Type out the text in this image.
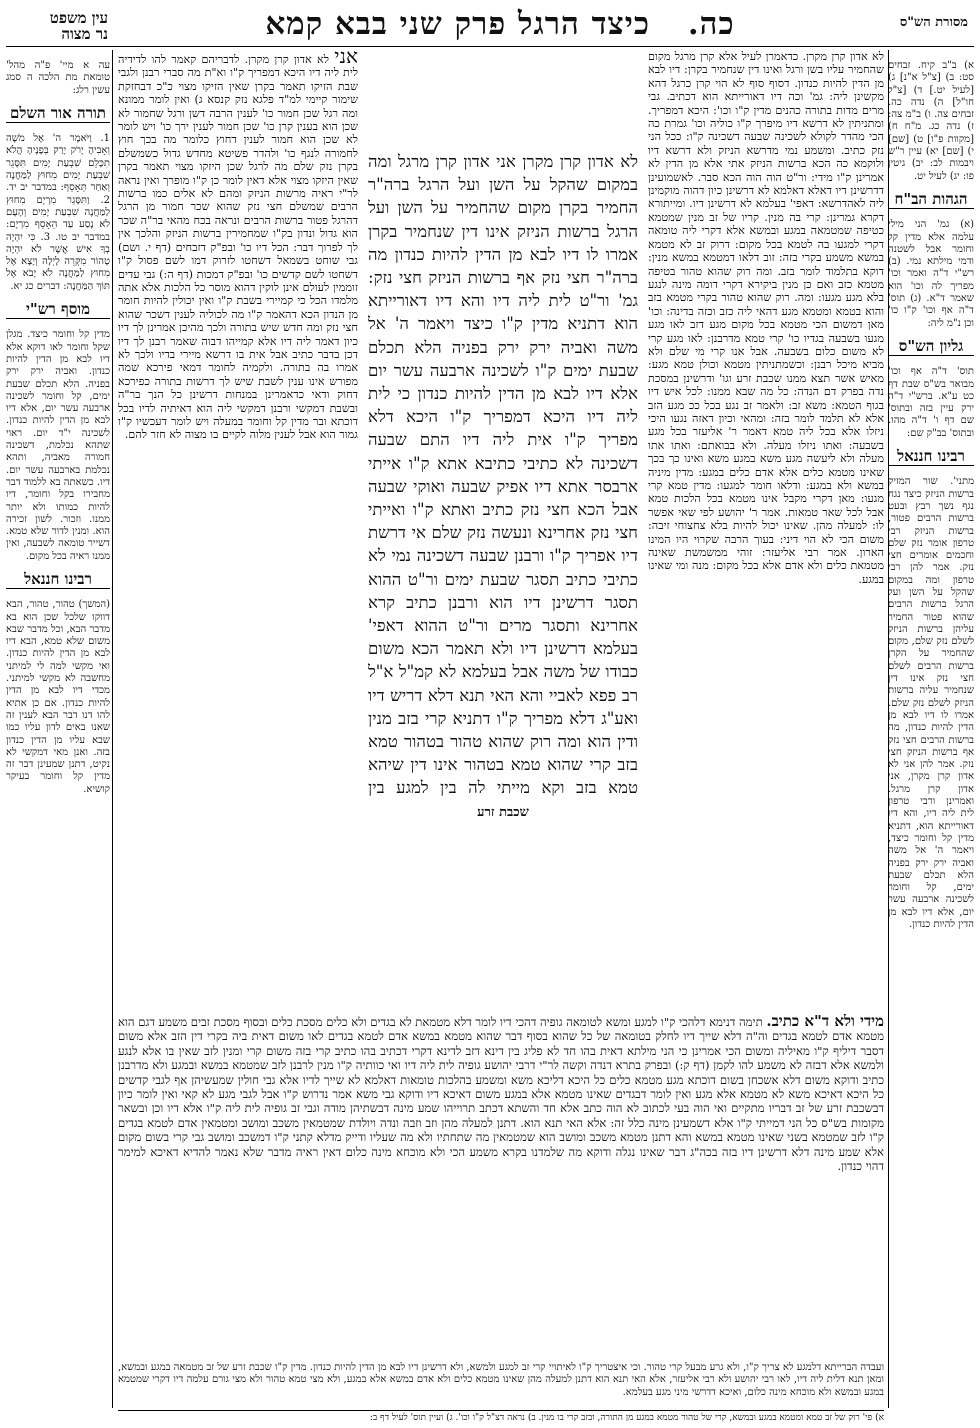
עין משפט
נר מצוה	כה. כיצד הרגל פרק שני בבא קמא	מסורת הש"ס

עה א מיי' פ"ה מהל' טומאת מת הלכה ה סמג עשין רלג:

תורה אור השלם

1. וַיֹּאמֶר ה' אֶל מֹשֶׁה וְאָבִיהָ יָרֹק יָרַק בְּפָנֶיהָ הֲלֹא תִכָּלֵם שִׁבְעַת יָמִים תִּסָּגֵר שִׁבְעַת יָמִים מִחוּץ לַמַּחֲנֶה וְאַחַר תֵּאָסֵף: במדבר יב יד. 2. וַתִּסָּגֵר מִרְיָם מִחוּץ לַמַּחֲנֶה שִׁבְעַת יָמִים וְהָעָם לֹא נָסַע עַד הֵאָסֵף מִרְיָם: במדבר יב טו. 3. כִּי יִהְיֶה בְךָ אִישׁ אֲשֶׁר לֹא יִהְיֶה טָהוֹר מִקְּרֵה לָיְלָה וְיָצָא אֶל מִחוּץ לַמַּחֲנֶה לֹא יָבֹא אֶל תּוֹךְ הַמַּחֲנֶה: דברים כג יא.

מוסף רש"י

מדין קל וחומר כיצד. מגלן שקל וחומר לאו דוקא אלא דיו לבא מן הדין להיות כנדון. ואביה ירק ירק בפניה. הלא תכלם שבעת ימים, קל וחומר לשכינה ארבעה עשר יום, אלא דיו לבא מן הדין להיות כנדון. לשכינה י"ד יום. ראוי שתהא נכלמת, דשכינה חמורה מאביה, ותהא נכלמת בארבעה עשר יום. דיו. כשאתה בא ללמוד דבר מחבירו בקל וחומר, דיו להיות כמותו ולא יותר ממנו. וזכור. לשון זכירה הוא. ומנין לדור שלא טמא. דשייר טומאה לשבעה, ואין ממנו ראיה בכל מקום.

רבינו חננאל

(המשך) טהור, טהור, הבא דווקו שלכל שכן הוא בא מדבר הבא, וכל מדבר שבא משום שלא טמא, הבא דיו לבא מן הדין להיות כנדון. ואי מקשי למה לי למיתני מחשבה לא מקשי למיתני. מכדי דיו לבא מן הדין להיות כנדון. אם כן אתיא להו דנו דבר הבא לענין זה שאנו באים לדון עליו כמו שבא עליו מן הדין כנדון בזה. ואנן מאי דמקשי לא נקיט, דתנן שמעינן דבר זה מדין קל וחומר בעיקר קושיא.

א) ב"ב קיח. זבחים סט: ב) [צ"ל א"נ] ג) [לעיל יט.] ד) [צ"ל חו"ל] ה) נדה כה. זבחים צה. ו) ב"מ צה: ז) נדה כג. מ"ח ח) [מקוות פ"ו] ט) [שם] י) [שם] יא) עיין ר"ש ויבמות לב: יב) גיטין פו: יג) לעיל יט.

הגהות הב"ח

(א) גמ' הני מילי עלמה אלא מדין קל וחומר אבל לשטנה ודמי מילתא נמי. (ב) רש"י ד"ה ואמר וכו' מפריך לה וכו' הוא שאמר ד"א. (ג) תוס' ד"ה אף וכו' ק"ו כו' וכן נ"מ ליה:

גליון הש"ס

תוס' ד"ה אף וכו' מבואר בש"ס שבת דף כט ע"א. ברש"י ד"ה ירק עיין בזה ובתוס' שם דף ו' ד"ה מהו. ובתוס' בב"ק שם:

רבינו חננאל

מתני'. שור המזיק ברשות הניזק כיצד נגח נגף נשך רבץ ובעט ברשות הרבים פטור, ברשות הניזק רבי טרפון אומר נזק שלם וחכמים אומרים חצי נזק. אמר להן רבי טרפון ומה במקום שהקל על השן ועל הרגל ברשות הרבים שהוא פטור החמיר עליהן ברשות הניזק לשלם נזק שלם, מקום שהחמיר על הקרן ברשות הרבים לשלם חצי נזק אינו דין שנחמיר עליה ברשות הניזק לשלם נזק שלם. אמרו לו דיו לבא מן הדין להיות כנדון, מה ברשות הרבים חצי נזק אף ברשות הניזק חצי נזק. אמר להן אני לא אדון קרן מקרן, אני אדון קרן מרגל. ואמרינן ורבי טרפון לית ליה דיו, והא דיו דאורייתא הוא, דתניא מדין קל וחומר כיצד, ויאמר ה' אל משה ואביה ירק ירק בפניה הלא תכלם שבעת ימים, קל וחומר לשכינה ארבעה עשר יום, אלא דיו לבא מן הדין להיות כנדון.

אני לא אדון קרן מקרן. לדבריהם קאמר להו לדידיה לית ליה דיו היכא דמפריך ק"ו וא"ת מה סברי רבנן ולגבי שבת הזיקו תאמר בקרן שאין הזיקו מצוי כ"כ דבחזקת שימור קיימי למ"ד פלגא נזק קנסא ג) ואין לומר ממונא ומה רגל שכן חמור כו' לענין הרבה דשן ורגל שחמור לא שכן הוא בענין קרן כו' שכן חמור לענין ירך כו' ויש לומר לא שכן הוא חמור לענין דחוץ כלומר מה בכך חוץ לחמורה לנגף כו' ולהדר פשיטא מחדש גדול כשמשלם בקרן נזק שלם מה לרגל שכן היזקו מצוי תאמר בקרן שאין היזקו מצוי אלא דאין לומר כן ק"ו מופרך ואין נראה לר"י ראיה מרשות הניזק ומהם לא אלים כמו ברשות הרבים שמשלם חצי נזק שהוא שכר חמור מן הרגל דהרגל פטור ברשות הרבים ונראה בכח מהאי בר"ה שכר הוא גדול ונדון בק"ו שמחמירין ברשות הניזק והלכך אין לך לפרוך דבר: הכל דיו כו' ובפ"ק דזבחים (דף י. ושם) גבי שוחט בשמאל דשחטו לזרוק דמו לשם פסול ק"ו דשחטו לשם קדשים כו' ובפ"ק דמכות (דף ה:) גבי עדים זוממין לעולם אינן לוקין דהוא מוסר כל הלכות אלא אתה מלמדו הכל כי קמיירי בשבת ק"ו ואין יכולין להיות חומר מן הנדון הכא דהאמר ק"ו מה לכוליה לענין דשכר שהוא חצי נזק ומה חדש שיש בתורה ולכך מהיכן אמרינן לך דיו כיון דאמר ליה דיו אלא קמייהו דבוה שאמר רבנן לך דיו דכן בדבר כתיב אבל אית בו דרשא מיירי בדיו ולכך לא אמרו בה בתורה. ולקמיה לחומר דמאי פירכא שמה מפורש אינו ענין לשבת שיש לך דרשות בתורה כפירכא דחוק ודאי כדאמרינן במנחות דרשינן כל הנך בר"ה ובשבת דמקשי ורבנן דמקשי ליה הוא דאיתיה לדיו בכל דוכתא ובר מדין קל וחומר במעלה ויש לומר דעכשיו ק"ו גמור הוא אבל לענין מלוה לקיים בו מצוה לא חזר להם.
לא אדון קרן מקרן. כדאמרן לעיל אלא קרן מרגל מקום שהחמיר עליו בשן ורגל ואינו דין שנחמיר בקרן: דיו לבא מן הדין להיות כנדון. דסוף סוף לא הוי קרן כרגל דהא מקשינן ליה: גמ' וכה דיו דאורייתא הוא דכתיב. גבי מרים מדות בתורה כהנים מדין ק"ו וכו': היכא דמפריך. ומתניתין לא דרשא דיו מיפרך ק"ו כוליה וכו' גמרת כה הכי מהדר לקולא לשכינה שבעה דשכינה ק"ו: ככל הני נזק כתיב. ומשמע נמי מדרשא הניזק ולא דרשא דיו ולוקמא כה הכא ברשות הניזק אתי אלא מן הדין לא אמרינן ק"ו מידי: ור"ט הוה הוה הכא סבר. לאשמועינן דדרשינן דיו דאלא דאלמא לא דרשינן כיון דהוה מוקמינן ליה לאהדרשא: דאפי' בעלמא לא דרשינן דיו. ומייתורא דקרא גמרינן: קרי בה מנין. קריו של זב מנין שמטמא כטיפה שמטמאה במגע ובמשא אלא דקרי ליה טומאה דקרי למגעו בה לטמא בכל מקום: דרוק זב לא מטמא במשא משמע בקרי בזה: זוב דלאו דמטמא במשא מנין: דוקא בתלמוד לומר בזב. ומה רוק שהוא טהור בטיפה מטמא כזב ואם כן מנין ביקירא דקרי דומה מינה לנגע בלא מגע מגעו: ומה. רוק שהוא טהור בקרי מטמא בזב והוא בטמא ומטמא מגע דהאי ליה כזב וכזה בדינה: וכו' מאן דמשום הכי מטמא בכל מקום מגע דזב לאו מגע מגעו בשבעה בגדיו כו' קרי טמא מדרבנן: לאו מגע קרי לא משום כלום בשבעה. אבל אנו קרי מי שלם ולא מביא מיכל רבנן: וכשמתניתין מטמא וכולן טמא מגע: מאיש אשר תצא ממנו שכבת זרע וגו' ודרשינן במסכת נדה בפרק דם הנדה: כל מה שבא ממנו: לכל איש דיו בגוף הטמא: משא זב: ולאמר זב נגע בכל ככ מגע הזב אלא לא תלמד לומר בזה: ומהאי וכיון דאזה נגעו היכי ניזלו אלא בכל ליה טמא דאמר ר' אליעזר בכל מגע בשבעה: ואתו ניזלו מעלה. ולא בבואתם: ואתו אתו מעלה ולא ליעשה מגע משא במגע משא ואינו כך בכך שאינו מטמא כלים אלא אדם כלים במגע: מדין מיניה במשא ולא במגע: ודלאו חומר למגעו: מדין טמא קרי מגעו: מאן דקרי מקבל אינו מטמא בכל הלכות טמא אבל לכל שאר טמאות. אמר ר' יהושע לפי שאי אפשר לו: למעלה מהן. שאינו יכול להיות בלא צחצוחי זיבה: משום הכי לא הוי דיני: בעוך הרבה שקרוי היו המינו הארון. אמר רבי אליעזר: זוהי ממשמשת שאינה מטמאת כלים ולא אדם אלא בכל מקום: מנה ומי שאינו במגע.

לא אדון קרן מקרן אני אדון קרן מרגל ומה במקום שהקל על השן ועל הרגל ברה"ר החמיר בקרן מקום שהחמיר על השן ועל הרגל ברשות הניזק אינו דין שנחמיר בקרן אמרו לו דיו לבא מן הדין להיות כנדון מה ברה"ר חצי נזק אף ברשות הניזק חצי נזק: גמ' ור"ט לית ליה דיו והא דיו דאורייתא הוא דתניא מדין ק"ו כיצד ויאמר ה' אל משה ואביה ירק ירק בפניה הלא תכלם שבעת ימים ק"ו לשכינה ארבעה עשר יום אלא דיו לבא מן הדין להיות כנדון כי לית ליה דיו היכא דמפריך ק"ו היכא דלא מפריך ק"ו אית ליה דיו התם שבעה דשכינה לא כתיבי כתיבא אתא ק"ו אייתי ארבסר אתא דיו אפיק שבעה ואוקי שבעה אבל הכא חצי נזק כתיב ואתא ק"ו ואייתי חצי נזק אחרינא ונעשה נזק שלם אי דרשת דיו אפריך ק"ו ורבנן שבעה דשכינה נמי לא כתיבי כתיב תסגר שבעת ימים ור"ט ההוא תסגר דרשינן דיו הוא ורבנן כתיב קרא אחרינא ותסגר מרים ור"ט ההוא דאפי' בעלמא דרשינן דיו ולא תאמר הכא משום כבודו של משה אבל בעלמא לא קמ"ל א"ל רב פפא לאביי והא האי תנא דלא דריש דיו ואע"ג דלא מפריך ק"ו דתניא קרי בזב מנין ודין הוא ומה רוק שהוא טהור בטהור טמא בזב קרי שהוא טמא בטהור אינו דין שיהא טמא בזב וקא מייתי לה בין למגע בין

שכבת זרע
מידי ולא ד"א כתיב. תימה דנימא דלהכי ק"ו למגע ומשא לטומאה גופיה דהכי דיו לומר דלא מטמאת לא בגדים ולא כלים מסכת כלים ובסוף מסכת זבים משמע דגם הוא מטמא אדם לטמא בגדים וה"ה דלא שייך דיו לחלק בטומאה של כל שהוא בסוף דבר שהוא מטמא במשא אדם לטמא בגדים לאו משום דאית ביה בקרי דין הזב אלא משום דסבר דיליף ק"ו מאיליה ומשום הכי אמרינן כי הני מילתא דאית בהו חד לא פליג בין דינא דזב לדינא דקרי דכתיב בהו כתיב קרי בזה משום קרי ומנין לזב שאין בו אלא לנגע ולמשא אלא דבזה לא משמע להו לקמן (דף ק:) ובפרק בתרא דנדה וקשה לר"י דרבי יהושע גופיה לית ליה דיו ואי כוותיה ק"ו מנין לרבנן לזב שמטמא במשא ובמגע ולא מדרבנן כתיב ודוקא משום דלא אשכחן בשום דוכתא מגע מטמא כלים כל היכא דליכא משא ומשמע בהלכות טומאות דאלמא לא שייך לדיו אלא גבי חולין שמעשיהן אף לגבי קדשים כל היכא דאיכא משא לא מטמא אלא מגע ואין לומר דבגדים שאינו מטמא אלא במגע משום דאיכא דיו ודוקא גבי משא אמר נדרוש ק"ו אבל לגבי מגע לא קאי ואין לומר כיון דבשכבת זרע של זב דבריו מתקיים ואי הוה בעי לכתוב לא הוה כתב אלא חד והשתא דכתב תרוייהו שמע מינה דבשתיהן מודה וגבי זב גופיה לית ליה ק"ו אלא דיו וכן ובשאר מקומות בש"ס כל הני דמייתי ק"ו אלא דשמעינן מינה כלל זה: אלא האי תנא הוא. דתנן למעלה מהן וזב וזבה ונדה ויולדת שמטמאין משכב ומושב ומטמאין אדם לטמא בגדים ק"ו לזב שמטמא בשני שאינו מטמא במשא והא דתנן מטמא משכב ומושב הוא שמטמאין מה שתחתיו ולא מה שעליו ודייק מדלא קתני ק"ו דמשכב ומושב גבי קרי בשום מקום אלא שמע מינה דלא דרשינן דיו בזה בכה"ג דבר שאינו נגלה ודוקא מה שלמדנו בקרא משמע הכי ולא מוכחא מינה כלום דאין ראיה מדבר שלא נאמר להדיא דאיכא למימר דהוי כנדון.
ועבדה הברייתא דלמגע לא צריך ק"ו, ולא גרע מבעל קרי טהור. וכי איצטריך ק"ו לאיתויי קרי זב למגע ולמשא, ולא דרשינן דיו לבא מן הדין להיות כנדון. מדין ק"ו שכבת זרע של זב מטמאה במגע ובמשא, ומאן תנא דלית ליה דיו, לאו רבי יהושע ולא רבי אליעזר, אלא האי תנא הוא דתנן למעלה מהן שאינו מטמא כלים ולא אדם במשא אלא במגע, ולא מצי טמא טהור ולא מצי גורם עלמה דיו דקרי שמטמא במגע ובמשא ולא מוכחא מינה כלום, ואיכא דדרשי מיני מגע בעלמא.
א) פי' רוק של זב טמא ומטמא במגע ובמשא, קרי של טהור מטמא במגע מן התורה, ובזב קרי בו מנין. ב) נראה דצ"ל ק"ו וכו'. ג) ועיין תוס' לעיל דף ב:
